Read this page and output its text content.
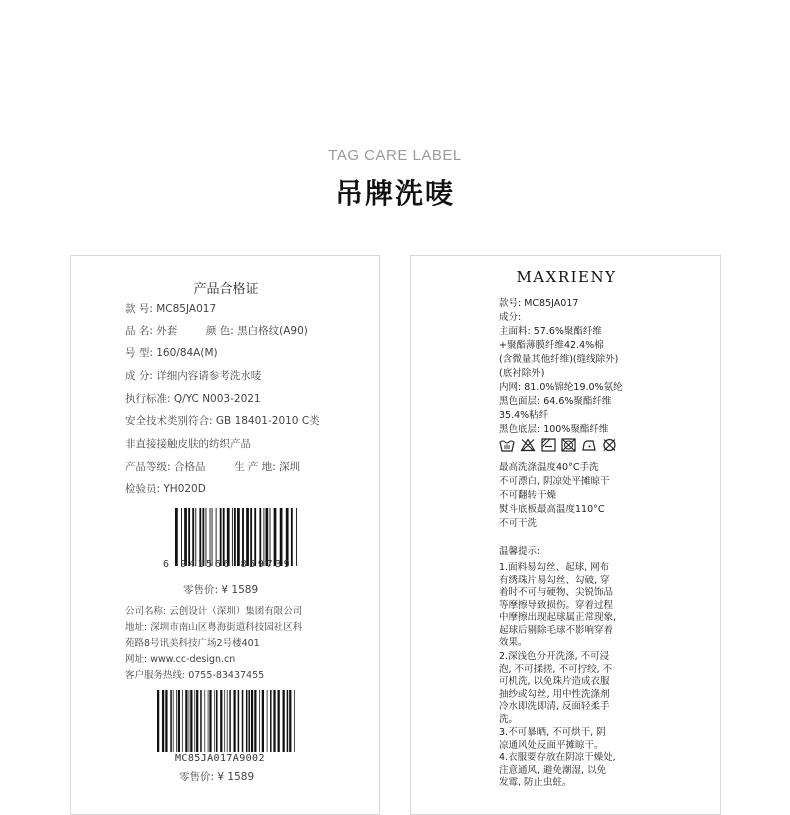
TAG CARE LABEL
吊牌洗唛
产品合格证
款 号: MC85JA017
品 名: 外套	颜 色: 黑白格纹(A90)
号 型: 160/84A(M)
成 分: 详细内容请参考洗水唛
执行标准: Q/YC N003-2021
安全技术类别符合: GB 18401-2010 C类
非直接接触皮肤的纺织产品
产品等级: 合格品	生 产 地: 深圳
检验员: YH020D
6 941566 859739
零售价: ¥ 1589
公司名称: 云创设计（深圳）集团有限公司
地址: 深圳市南山区粤海街道科技园社区科
苑路8号讯美科技广场2号楼401
网址: www.cc-design.cn
客户服务热线: 0755-83437455
MC85JA017A9002
零售价: ¥ 1589
MAXRIENY
款号: MC85JA017
成分:
主面料: 57.6%聚酯纤维
+聚酯薄膜纤维42.4%棉
(含微量其他纤维)(缝线除外)
(底衬除外)
内网: 81.0%锦纶19.0%氨纶
黑色面层: 64.6%聚酯纤维
35.4%粘纤
黑色底层: 100%聚酯纤维
最高洗涤温度40°C手洗
不可漂白, 阴凉处平摊晾干
不可翻转干燥
熨斗底板最高温度110°C
不可干洗
温馨提示:
1.面料易勾丝、起球, 网布
有绣珠片易勾丝、勾破, 穿
着时不可与硬物、尖锐饰品
等摩擦导致损伤。穿着过程
中摩擦出现起球属正常现象,
起球后剔除毛球不影响穿着
效果。
2.深浅色分开洗涤, 不可浸
泡, 不可揉搓, 不可拧绞, 不
可机洗, 以免珠片造成衣服
抽纱或勾丝, 用中性洗涤剂
冷水即洗即清, 反面轻柔手
洗。
3.不可暴晒, 不可烘干, 阴
凉通风处反面平摊晾干。
4.衣服要存放在阴凉干燥处,
注意通风, 避免潮湿, 以免
发霉, 防止虫蛀。
